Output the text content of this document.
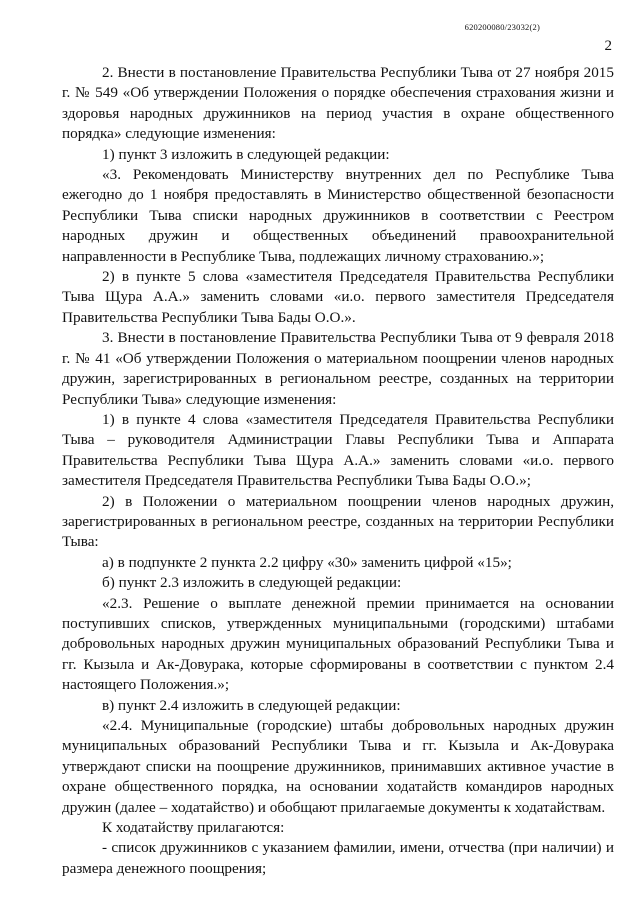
620200080/23032(2)
2

2. Внести в постановление Правительства Республики Тыва от 27 ноября 2015 г. № 549 «Об утверждении Положения о порядке обеспечения страхования жизни и здоровья народных дружинников на период участия в охране общественного порядка» следующие изменения:

1) пункт 3 изложить в следующей редакции:

«3. Рекомендовать Министерству внутренних дел по Республике Тыва ежегодно до 1 ноября предоставлять в Министерство общественной безопасности Республики Тыва списки народных дружинников в соответствии с Реестром народных дружин и общественных объединений правоохранительной направленности в Республике Тыва, подлежащих личному страхованию.»;

2) в пункте 5 слова «заместителя Председателя Правительства Республики Тыва Щура А.А.» заменить словами «и.о. первого заместителя Председателя Правительства Республики Тыва Бады О.О.».

3. Внести в постановление Правительства Республики Тыва от 9 февраля 2018 г. № 41 «Об утверждении Положения о материальном поощрении членов народных дружин, зарегистрированных в региональном реестре, созданных на территории Республики Тыва» следующие изменения:

1) в пункте 4 слова «заместителя Председателя Правительства Республики Тыва – руководителя Администрации Главы Республики Тыва и Аппарата Правительства Республики Тыва Щура А.А.» заменить словами «и.о. первого заместителя Председателя Правительства Республики Тыва Бады О.О.»;

2) в Положении о материальном поощрении членов народных дружин, зарегистрированных в региональном реестре, созданных на территории Республики Тыва:

а) в подпункте 2 пункта 2.2 цифру «30» заменить цифрой «15»;

б) пункт 2.3 изложить в следующей редакции:

«2.3. Решение о выплате денежной премии принимается на основании поступивших списков, утвержденных муниципальными (городскими) штабами добровольных народных дружин муниципальных образований Республики Тыва и гг. Кызыла и Ак-Довурака, которые сформированы в соответствии с пунктом 2.4 настоящего Положения.»;

в) пункт 2.4 изложить в следующей редакции:

«2.4. Муниципальные (городские) штабы добровольных народных дружин муниципальных образований Республики Тыва и гг. Кызыла и Ак-Довурака утверждают списки на поощрение дружинников, принимавших активное участие в охране общественного порядка, на основании ходатайств командиров народных дружин (далее – ходатайство) и обобщают прилагаемые документы к ходатайствам.

К ходатайству прилагаются:

- список дружинников с указанием фамилии, имени, отчества (при наличии) и размера денежного поощрения;
